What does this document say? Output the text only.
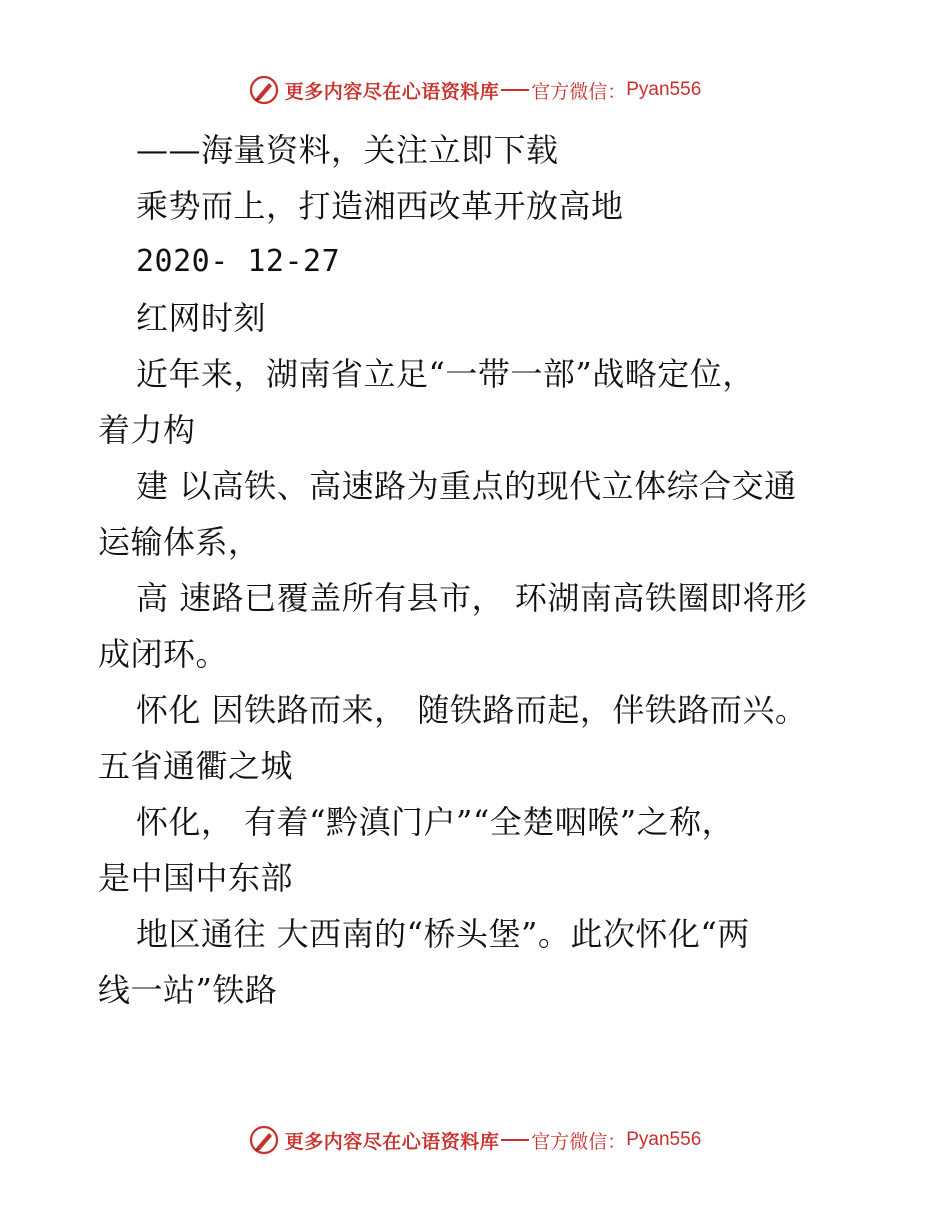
更多内容尽在心语资料库 官方微信： Pyan556
——海量资料，关注立即下载
乘势而上，打造湘西改革开放高地
2020- 12-27
红网时刻
近年来，湖南省立足“一带一部”战略定位，
着力构
建 以高铁、高速路为重点的现代立体综合交通
运输体系，
高 速路已覆盖所有县市， 环湖南高铁圈即将形
成闭环。
怀化 因铁路而来， 随铁路而起，伴铁路而兴。
五省通衢之城
怀化， 有着“黔滇门户”“全楚咽喉”之称，
是中国中东部
地区通往 大西南的“桥头堡”。此次怀化“两
线一站”铁路
更多内容尽在心语资料库 官方微信： Pyan556
